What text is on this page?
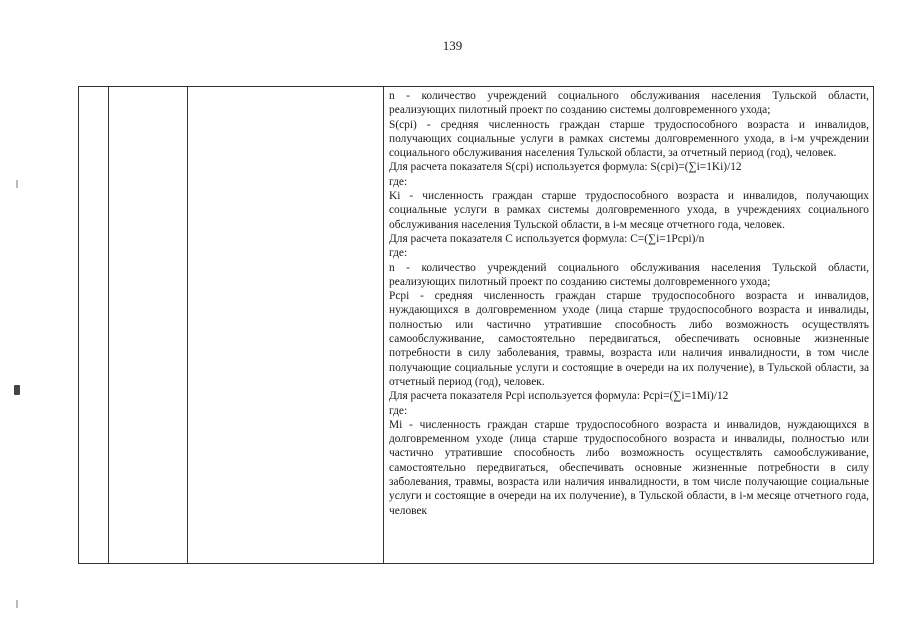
139

n - количество учреждений социального обслуживания населения Тульской области, реализующих пилотный проект по созданию системы долговременного ухода;

S(cpi) - средняя численность граждан старше трудоспособного возраста и инвалидов, получающих социальные услуги в рамках системы долговременного ухода, в i-м учреждении социального обслуживания населения Тульской области, за отчетный период (год), человек.

Для расчета показателя S(cpi) используется формула: S(cpi)=(∑i=1Ki)/12

где:

Ki - численность граждан старше трудоспособного возраста и инвалидов, получающих социальные услуги в рамках системы долговременного ухода, в учреждениях социального обслуживания населения Тульской области, в i-м месяце отчетного года, человек.

Для расчета показателя С используется формула: C=(∑i=1Pcpi)/n

где:

n - количество учреждений социального обслуживания населения Тульской области, реализующих пилотный проект по созданию системы долговременного ухода;

Pcpi - средняя численность граждан старше трудоспособного возраста и инвалидов, нуждающихся в долговременном уходе (лица старше трудоспособного возраста и инвалиды, полностью или частично утратившие способность либо возможность осуществлять самообслуживание, самостоятельно передвигаться, обеспечивать основные жизненные потребности в силу заболевания, травмы, возраста или наличия инвалидности, в том числе получающие социальные услуги и состоящие в очереди на их получение), в Тульской области, за отчетный период (год), человек.

Для расчета показателя Pcpi используется формула: Pcpi=(∑i=1Mi)/12

где:

Mi - численность граждан старше трудоспособного возраста и инвалидов, нуждающихся в долговременном уходе (лица старше трудоспособного возраста и инвалиды, полностью или частично утратившие способность либо возможность осуществлять самообслуживание, самостоятельно передвигаться, обеспечивать основные жизненные потребности в силу заболевания, травмы, возраста или наличия инвалидности, в том числе получающие социальные услуги и состоящие в очереди на их получение), в Тульской области, в i-м месяце отчетного года, человек
